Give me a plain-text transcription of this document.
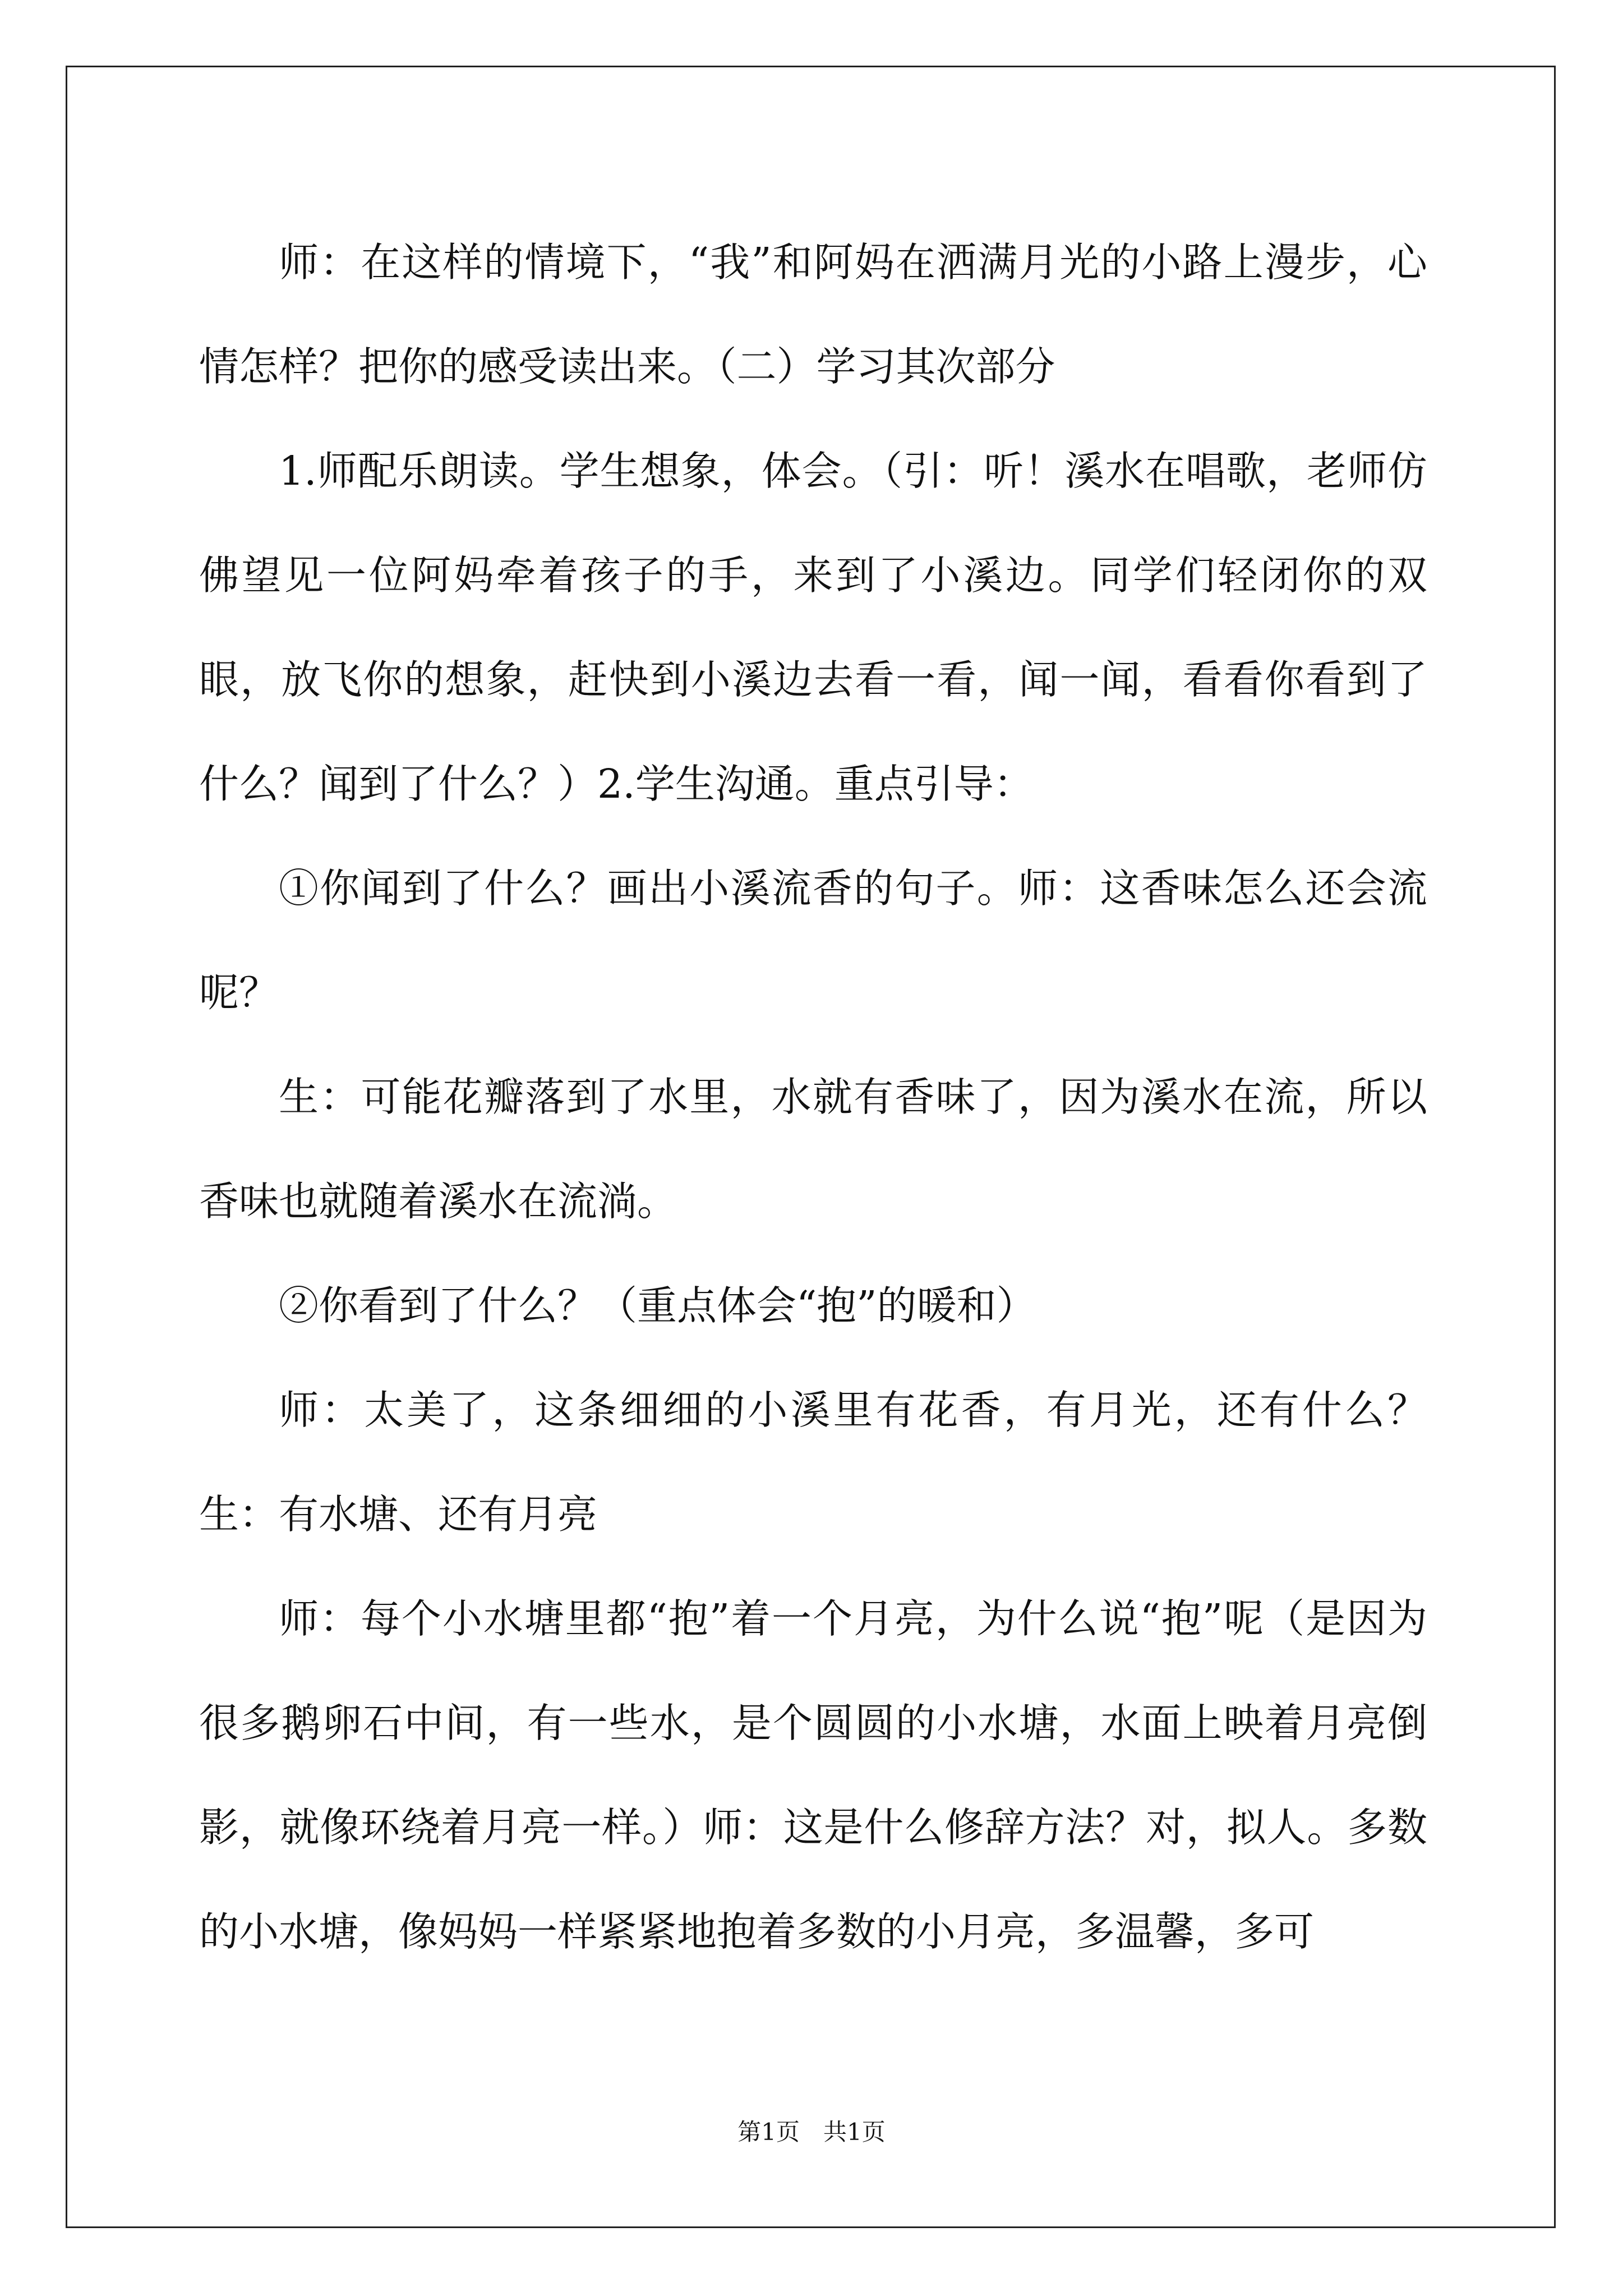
师：在这样的情境下，“我”和阿妈在洒满月光的小路上漫步，心情怎样？把你的感受读出来。（二）学习其次部分

1.师配乐朗读。学生想象，体会。（引：听！溪水在唱歌，老师仿佛望见一位阿妈牵着孩子的手，来到了小溪边。同学们轻闭你的双眼，放飞你的想象，赶快到小溪边去看一看，闻一闻，看看你看到了什么？闻到了什么？）2.学生沟通。重点引导：

①你闻到了什么？画出小溪流香的句子。师：这香味怎么还会流呢？

生：可能花瓣落到了水里，水就有香味了，因为溪水在流，所以香味也就随着溪水在流淌。

②你看到了什么？（重点体会“抱”的暖和）

师：太美了，这条细细的小溪里有花香，有月光，还有什么？生：有水塘、还有月亮

师：每个小水塘里都“抱”着一个月亮，为什么说“抱”呢（是因为很多鹅卵石中间，有一些水，是个圆圆的小水塘，水面上映着月亮倒影，就像环绕着月亮一样。）师：这是什么修辞方法？对，拟人。多数的小水塘，像妈妈一样紧紧地抱着多数的小月亮，多温馨，多可

第1页　共1页
